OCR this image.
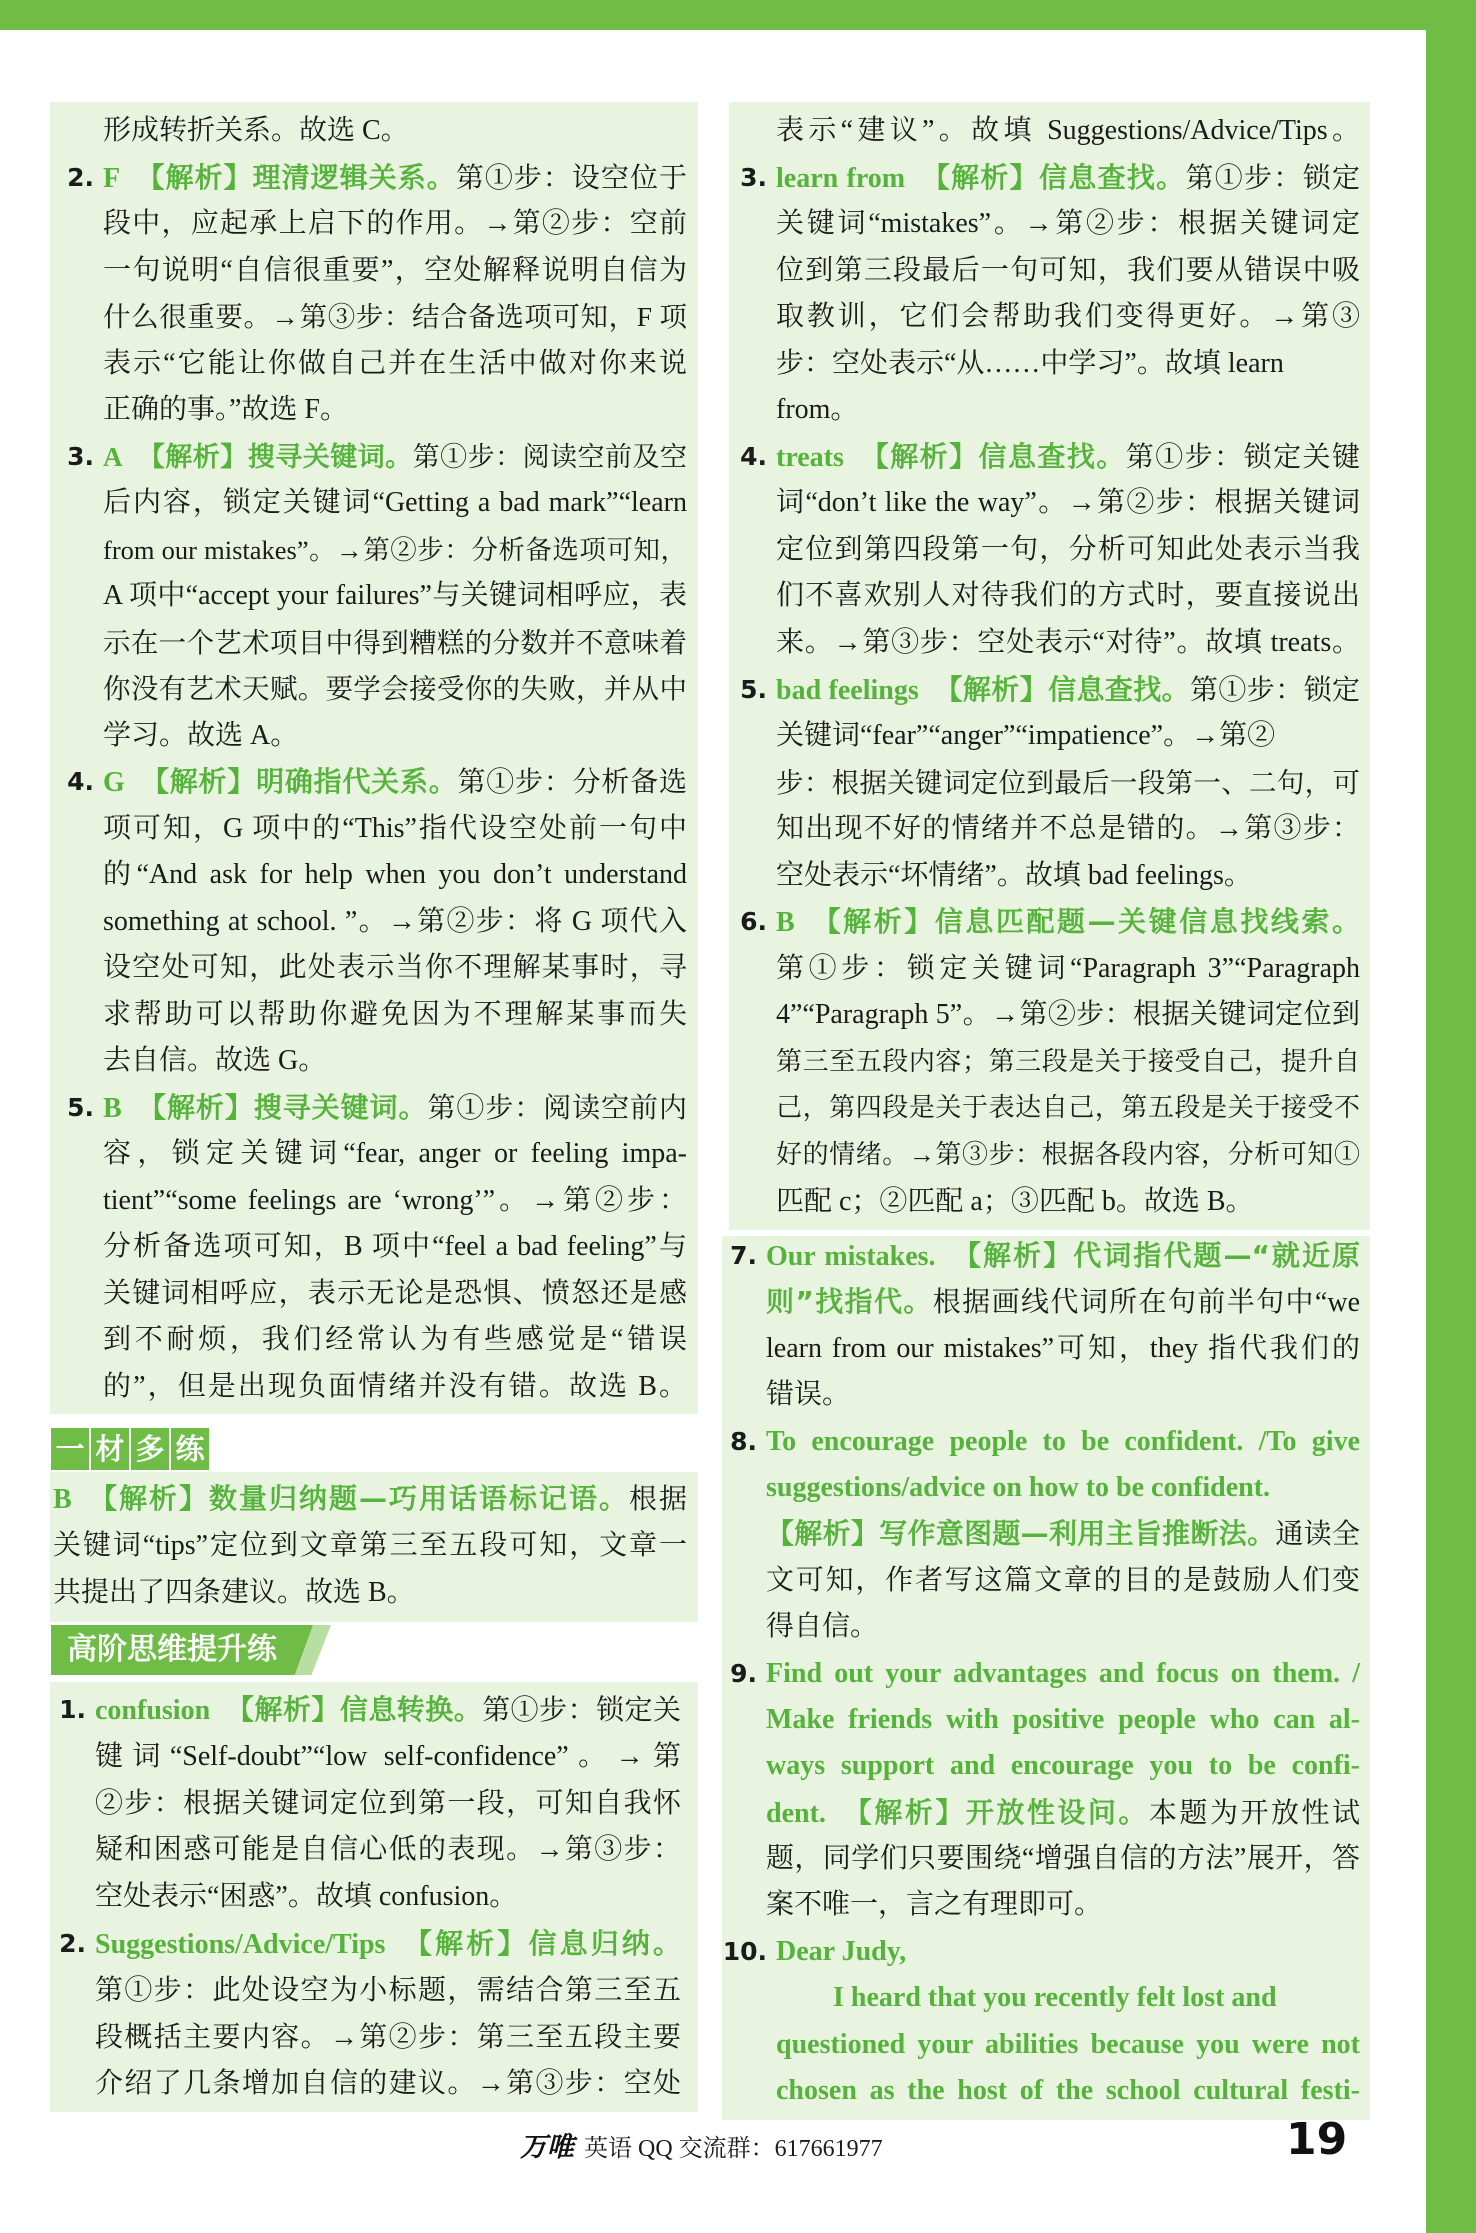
形成转折关系。故选 C。
2. F 【解析】理清逻辑关系。第①步：设空位于
段中，应起承上启下的作用。→第②步：空前
一句说明“自信很重要”，空处解释说明自信为
什么很重要。→第③步：结合备选项可知，F 项
表示“它能让你做自己并在生活中做对你来说
正确的事。”故选 F。
3. A 【解析】搜寻关键词。第①步：阅读空前及空
后内容，锁定关键词“Getting a bad mark”“learn
from our mistakes”。→第②步：分析备选项可知，
A 项中“accept your failures”与关键词相呼应，表
示在一个艺术项目中得到糟糕的分数并不意味着
你没有艺术天赋。要学会接受你的失败，并从中
学习。故选 A。
4. G 【解析】明确指代关系。第①步：分析备选
项可知，G 项中的“This”指代设空处前一句中
的“And ask for help when you don’t understand
something at school. ”。→第②步：将 G 项代入
设空处可知，此处表示当你不理解某事时，寻
求帮助可以帮助你避免因为不理解某事而失
去自信。故选 G。
5. B 【解析】搜寻关键词。第①步：阅读空前内
容，锁定关键词“fear, anger or feeling impa-
tient”“some feelings are ‘wrong’”。→第②步：
分析备选项可知，B 项中“feel a bad feeling”与
关键词相呼应，表示无论是恐惧、愤怒还是感
到不耐烦，我们经常认为有些感觉是“错误
的”，但是出现负面情绪并没有错。故选 B。
一 材 多 练
B 【解析】数量归纳题—巧用话语标记语。根据
关键词“tips”定位到文章第三至五段可知，文章一
共提出了四条建议。故选 B。
高阶思维提升练
1. confusion 【解析】信息转换。第①步：锁定关
键词“Self-doubt”“low self-confidence”。→第
②步：根据关键词定位到第一段，可知自我怀
疑和困惑可能是自信心低的表现。→第③步：
空处表示“困惑”。故填 confusion。
2. Suggestions/Advice/Tips 【解析】信息归纳。
第①步：此处设空为小标题，需结合第三至五
段概括主要内容。→第②步：第三至五段主要
介绍了几条增加自信的建议。→第③步：空处
表示“建议”。故填 Suggestions/Advice/Tips。
3. learn from 【解析】信息查找。第①步：锁定
关键词“mistakes”。→第②步：根据关键词定
位到第三段最后一句可知，我们要从错误中吸
取教训，它们会帮助我们变得更好。→第③
步：空处表示“从……中学习”。故填 learn
from。
4. treats 【解析】信息查找。第①步：锁定关键
词“don’t like the way”。→第②步：根据关键词
定位到第四段第一句，分析可知此处表示当我
们不喜欢别人对待我们的方式时，要直接说出
来。→第③步：空处表示“对待”。故填 treats。
5. bad feelings 【解析】信息查找。第①步：锁定
关键词“fear”“anger”“impatience”。→第②
步：根据关键词定位到最后一段第一、二句，可
知出现不好的情绪并不总是错的。→第③步：
空处表示“坏情绪”。故填 bad feelings。
6. B 【解析】信息匹配题—关键信息找线索。
第①步：锁定关键词“Paragraph 3”“Paragraph
4”“Paragraph 5”。→第②步：根据关键词定位到
第三至五段内容；第三段是关于接受自己，提升自
己，第四段是关于表达自己，第五段是关于接受不
好的情绪。→第③步：根据各段内容，分析可知①
匹配 c；②匹配 a；③匹配 b。故选 B。
7. Our mistakes. 【解析】代词指代题—“就近原
则”找指代。根据画线代词所在句前半句中“we
learn from our mistakes”可知，they 指代我们的
错误。
8. To encourage people to be confident. /To give
suggestions/advice on how to be confident.
【解析】写作意图题—利用主旨推断法。通读全
文可知，作者写这篇文章的目的是鼓励人们变
得自信。
9. Find out your advantages and focus on them. /
Make friends with positive people who can al-
ways support and encourage you to be confi-
dent. 【解析】开放性设问。本题为开放性试
题，同学们只要围绕“增强自信的方法”展开，答
案不唯一，言之有理即可。
10. Dear Judy,
I heard that you recently felt lost and
questioned your abilities because you were not
chosen as the host of the school cultural festi-
万唯 英语 QQ 交流群：617661977	19
